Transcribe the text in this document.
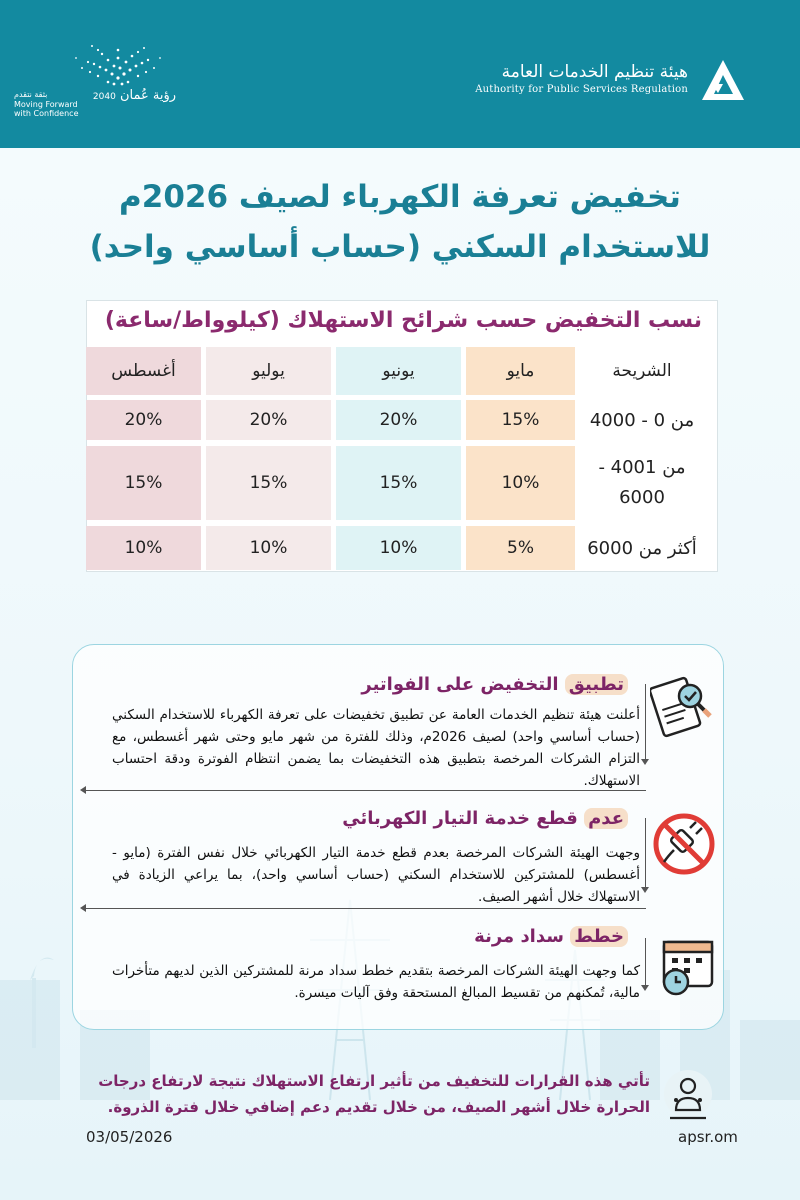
هيئة تنظيم الخدمات العامة
Authority for Public Services Regulation
رؤية عُمان 2040
بثقة نتقدم
Moving Forward with Confidence
تخفيض تعرفة الكهرباء لصيف 2026م
للاستخدام السكني (حساب أساسي واحد)
نسب التخفيض حسب شرائح الاستهلاك (كيلوواط/ساعة)
الشريحة
مايو
يونيو
يوليو
أغسطس
من 0 - 4000
15%
20%
20%
20%
من 4001 - 6000
10%
15%
15%
15%
أكثر من 6000
5%
10%
10%
10%
تطبيق التخفيض على الفواتير
أعلنت هيئة تنظيم الخدمات العامة عن تطبيق تخفيضات على تعرفة الكهرباء للاستخدام السكني (حساب أساسي واحد) لصيف 2026م، وذلك للفترة من شهر مايو وحتى شهر أغسطس، مع التزام الشركات المرخصة بتطبيق هذه التخفيضات بما يضمن انتظام الفوترة ودقة احتساب الاستهلاك.
عدم قطع خدمة التيار الكهربائي
وجهت الهيئة الشركات المرخصة بعدم قطع خدمة التيار الكهربائي خلال نفس الفترة (مايو - أغسطس) للمشتركين للاستخدام السكني (حساب أساسي واحد)، بما يراعي الزيادة في الاستهلاك خلال أشهر الصيف.
خطط سداد مرنة
كما وجهت الهيئة الشركات المرخصة بتقديم خطط سداد مرنة للمشتركين الذين لديهم متأخرات مالية، تُمكنهم من تقسيط المبالغ المستحقة وفق آليات ميسرة.
تأتي هذه القرارات للتخفيف من تأثير ارتفاع الاستهلاك نتيجة لارتفاع درجات الحرارة خلال أشهر الصيف، من خلال تقديم دعم إضافي خلال فترة الذروة.
03/05/2026	apsr.om
